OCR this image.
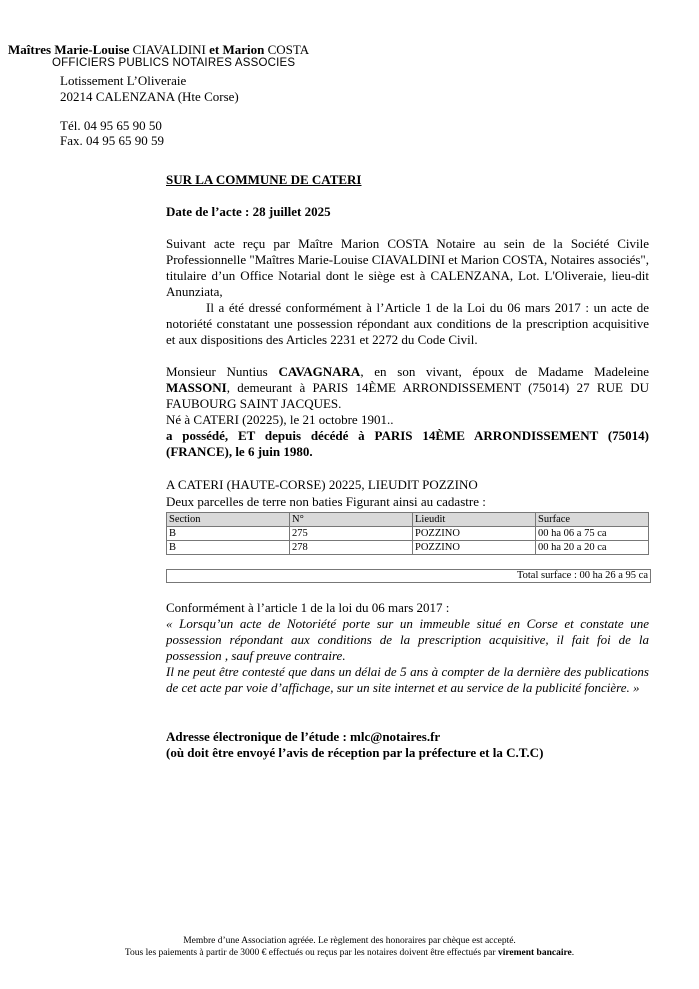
Maîtres Marie-Louise CIAVALDINI et Marion COSTA
OFFICIERS PUBLICS NOTAIRES ASSOCIES
Lotissement L’Oliveraie
20214 CALENZANA (Hte Corse)
Tél. 04 95 65 90 50
Fax. 04 95 65 90 59
SUR LA COMMUNE DE CATERI
Date de l’acte : 28 juillet 2025

Suivant acte reçu par Maître Marion COSTA Notaire au sein de la Société Civile Professionnelle "Maîtres Marie-Louise CIAVALDINI et Marion COSTA, Notaires associés", titulaire d’un Office Notarial dont le siège est à CALENZANA, Lot. L'Oliveraie, lieu-dit Anunziata,

Il a été dressé conformément à l’Article 1 de la Loi du 06 mars 2017 : un acte de notoriété constatant une possession répondant aux conditions de la prescription acquisitive et aux dispositions des Articles 2231 et 2272 du Code Civil.

Monsieur Nuntius CAVAGNARA, en son vivant, époux de Madame Madeleine MASSONI, demeurant à PARIS 14ÈME ARRONDISSEMENT (75014) 27 RUE DU FAUBOURG SAINT JACQUES.

Né à CATERI (20225), le 21 octobre 1901..

a possédé, ET depuis décédé à PARIS 14ÈME ARRONDISSEMENT (75014) (FRANCE), le 6 juin 1980.

A CATERI (HAUTE-CORSE) 20225, LIEUDIT POZZINO
Deux parcelles de terre non baties Figurant ainsi au cadastre :
Section	N°	Lieudit	Surface
B	275	POZZINO	00 ha 06 a 75 ca
B	278	POZZINO	00 ha 20 a 20 ca
Total surface : 00 ha 26 a 95 ca

Conformément à l’article 1 de la loi du 06 mars 2017 :

« Lorsqu’un acte de Notoriété porte sur un immeuble situé en Corse et constate une possession répondant aux conditions de la prescription acquisitive, il fait foi de la possession , sauf preuve contraire.

Il ne peut être contesté que dans un délai de 5 ans à compter de la dernière des publications de cet acte par voie d’affichage, sur un site internet et au service de la publicité foncière. »

Adresse électronique de l’étude : mlc@notaires.fr
(où doit être envoyé l’avis de réception par la préfecture et la C.T.C)
Membre d’une Association agréée. Le règlement des honoraires par chèque est accepté.
Tous les paiements à partir de 3000 € effectués ou reçus par les notaires doivent être effectués par virement bancaire.
